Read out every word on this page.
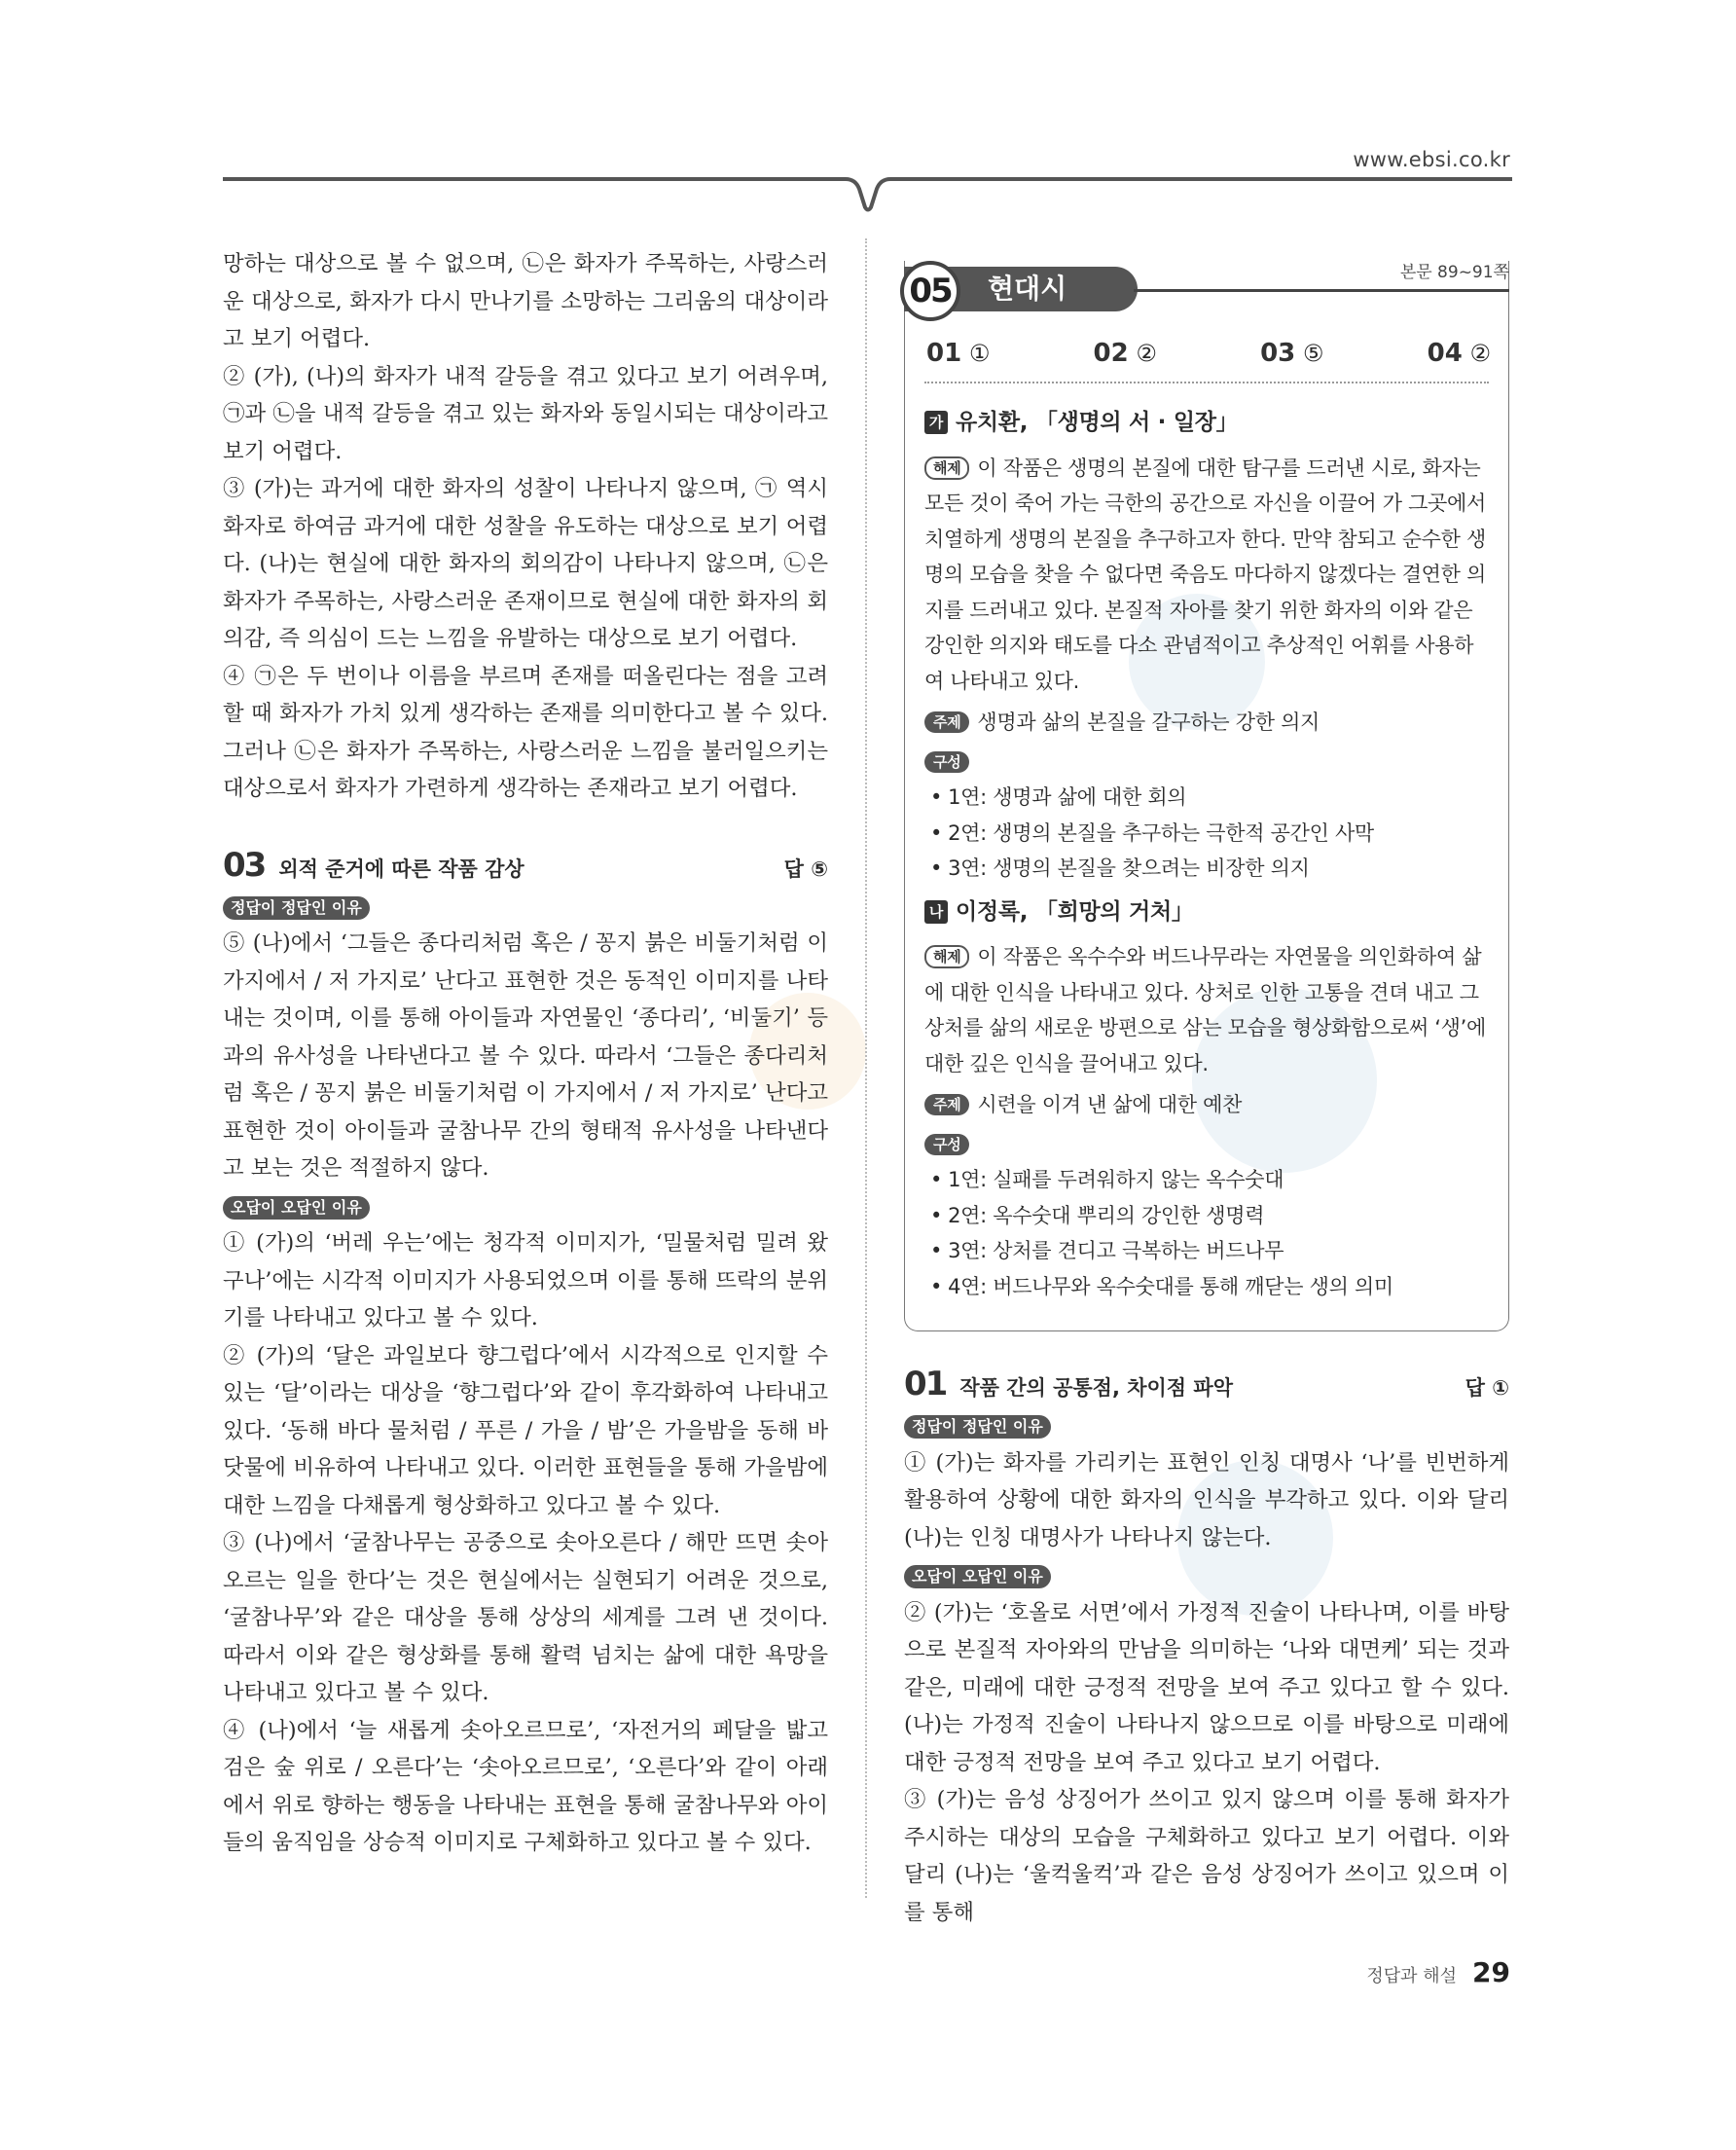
www.ebsi.co.kr

망하는 대상으로 볼 수 없으며, ㉡은 화자가 주목하는, 사랑스러운 대상으로, 화자가 다시 만나기를 소망하는 그리움의 대상이라고 보기 어렵다.

② (가), (나)의 화자가 내적 갈등을 겪고 있다고 보기 어려우며, ㉠과 ㉡을 내적 갈등을 겪고 있는 화자와 동일시되는 대상이라고 보기 어렵다.

③ (가)는 과거에 대한 화자의 성찰이 나타나지 않으며, ㉠ 역시 화자로 하여금 과거에 대한 성찰을 유도하는 대상으로 보기 어렵다. (나)는 현실에 대한 화자의 회의감이 나타나지 않으며, ㉡은 화자가 주목하는, 사랑스러운 존재이므로 현실에 대한 화자의 회의감, 즉 의심이 드는 느낌을 유발하는 대상으로 보기 어렵다.

④ ㉠은 두 번이나 이름을 부르며 존재를 떠올린다는 점을 고려할 때 화자가 가치 있게 생각하는 존재를 의미한다고 볼 수 있다. 그러나 ㉡은 화자가 주목하는, 사랑스러운 느낌을 불러일으키는 대상으로서 화자가 가련하게 생각하는 존재라고 보기 어렵다.

03 외적 준거에 따른 작품 감상	답 ⑤
정답이 정답인 이유

⑤ (나)에서 ‘그들은 종다리처럼 혹은 / 꽁지 붉은 비둘기처럼 이 가지에서 / 저 가지로’ 난다고 표현한 것은 동적인 이미지를 나타내는 것이며, 이를 통해 아이들과 자연물인 ‘종다리’, ‘비둘기’ 등과의 유사성을 나타낸다고 볼 수 있다. 따라서 ‘그들은 종다리처럼 혹은 / 꽁지 붉은 비둘기처럼 이 가지에서 / 저 가지로’ 난다고 표현한 것이 아이들과 굴참나무 간의 형태적 유사성을 나타낸다고 보는 것은 적절하지 않다.

오답이 오답인 이유

① (가)의 ‘버레 우는’에는 청각적 이미지가, ‘밀물처럼 밀려 왔구나’에는 시각적 이미지가 사용되었으며 이를 통해 뜨락의 분위기를 나타내고 있다고 볼 수 있다.

② (가)의 ‘달은 과일보다 향그럽다’에서 시각적으로 인지할 수 있는 ‘달’이라는 대상을 ‘향그럽다’와 같이 후각화하여 나타내고 있다. ‘동해 바다 물처럼 / 푸른 / 가을 / 밤’은 가을밤을 동해 바닷물에 비유하여 나타내고 있다. 이러한 표현들을 통해 가을밤에 대한 느낌을 다채롭게 형상화하고 있다고 볼 수 있다.

③ (나)에서 ‘굴참나무는 공중으로 솟아오른다 / 해만 뜨면 솟아오르는 일을 한다’는 것은 현실에서는 실현되기 어려운 것으로, ‘굴참나무’와 같은 대상을 통해 상상의 세계를 그려 낸 것이다. 따라서 이와 같은 형상화를 통해 활력 넘치는 삶에 대한 욕망을 나타내고 있다고 볼 수 있다.

④ (나)에서 ‘늘 새롭게 솟아오르므로’, ‘자전거의 페달을 밟고 검은 숲 위로 / 오른다’는 ‘솟아오르므로’, ‘오른다’와 같이 아래에서 위로 향하는 행동을 나타내는 표현을 통해 굴참나무와 아이들의 움직임을 상승적 이미지로 구체화하고 있다고 볼 수 있다.

05	현대시	본문 89~91쪽
01 ①	02 ②	03 ⑤	04 ②
가 유치환, 「생명의 서 · 일장」

해제 이 작품은 생명의 본질에 대한 탐구를 드러낸 시로, 화자는 모든 것이 죽어 가는 극한의 공간으로 자신을 이끌어 가 그곳에서 치열하게 생명의 본질을 추구하고자 한다. 만약 참되고 순수한 생명의 모습을 찾을 수 없다면 죽음도 마다하지 않겠다는 결연한 의지를 드러내고 있다. 본질적 자아를 찾기 위한 화자의 이와 같은 강인한 의지와 태도를 다소 관념적이고 추상적인 어휘를 사용하여 나타내고 있다.

주제 생명과 삶의 본질을 갈구하는 강한 의지

구성

• 1연: 생명과 삶에 대한 회의

• 2연: 생명의 본질을 추구하는 극한적 공간인 사막

• 3연: 생명의 본질을 찾으려는 비장한 의지

나 이정록, 「희망의 거처」

해제 이 작품은 옥수수와 버드나무라는 자연물을 의인화하여 삶에 대한 인식을 나타내고 있다. 상처로 인한 고통을 견뎌 내고 그 상처를 삶의 새로운 방편으로 삼는 모습을 형상화함으로써 ‘생’에 대한 깊은 인식을 끌어내고 있다.

주제 시련을 이겨 낸 삶에 대한 예찬

구성

• 1연: 실패를 두려워하지 않는 옥수숫대

• 2연: 옥수숫대 뿌리의 강인한 생명력

• 3연: 상처를 견디고 극복하는 버드나무

• 4연: 버드나무와 옥수숫대를 통해 깨닫는 생의 의미

01 작품 간의 공통점, 차이점 파악	답 ①
정답이 정답인 이유

① (가)는 화자를 가리키는 표현인 인칭 대명사 ‘나’를 빈번하게 활용하여 상황에 대한 화자의 인식을 부각하고 있다. 이와 달리 (나)는 인칭 대명사가 나타나지 않는다.

오답이 오답인 이유

② (가)는 ‘호올로 서면’에서 가정적 진술이 나타나며, 이를 바탕으로 본질적 자아와의 만남을 의미하는 ‘나와 대면케’ 되는 것과 같은, 미래에 대한 긍정적 전망을 보여 주고 있다고 할 수 있다. (나)는 가정적 진술이 나타나지 않으므로 이를 바탕으로 미래에 대한 긍정적 전망을 보여 주고 있다고 보기 어렵다.

③ (가)는 음성 상징어가 쓰이고 있지 않으며 이를 통해 화자가 주시하는 대상의 모습을 구체화하고 있다고 보기 어렵다. 이와 달리 (나)는 ‘울컥울컥’과 같은 음성 상징어가 쓰이고 있으며 이를 통해

정답과 해설 29
